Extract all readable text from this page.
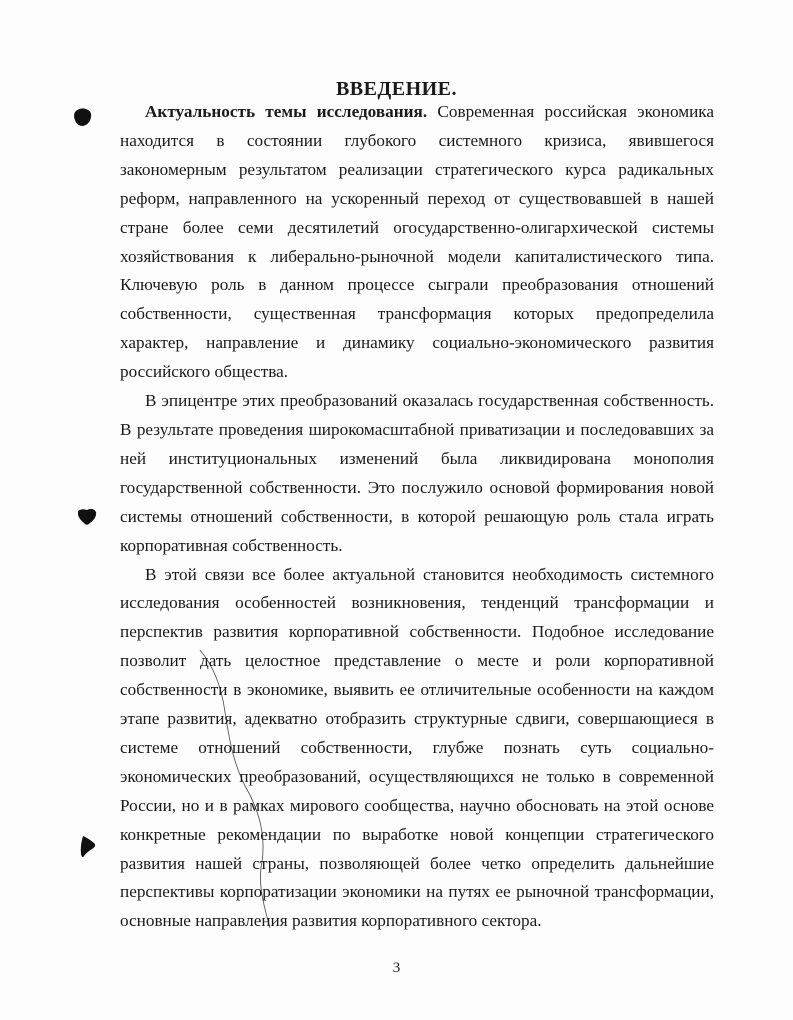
ВВЕДЕНИЕ.

Актуальность темы исследования. Современная российская экономика находится в состоянии глубокого системного кризиса, явившегося закономерным результатом реализации стратегического курса радикальных реформ, направленного на ускоренный переход от существовавшей в нашей стране более семи десятилетий огосударственно-олигархической системы хозяйствования к либерально-рыночной модели капиталистического типа. Ключевую роль в данном процессе сыграли преобразования отношений собственности, существенная трансформация которых предопределила характер, направление и динамику социально-экономического развития российского общества.

В эпицентре этих преобразований оказалась государственная собственность. В результате проведения широкомасштабной приватизации и последовавших за ней институциональных изменений была ликвидирована монополия государственной собственности. Это послужило основой формирования новой системы отношений собственности, в которой решающую роль стала играть корпоративная собственность.

В этой связи все более актуальной становится необходимость системного исследования особенностей возникновения, тенденций трансформации и перспектив развития корпоративной собственности. Подобное исследование позволит дать целостное представление о месте и роли корпоративной собственности в экономике, выявить ее отличительные особенности на каждом этапе развития, адекватно отобразить структурные сдвиги, совершающиеся в системе отношений собственности, глубже познать суть социально-экономических преобразований, осуществляющихся не только в современной России, но и в рамках мирового сообщества, научно обосновать на этой основе конкретные рекомендации по выработке новой концепции стратегического развития нашей страны, позволяющей более четко определить дальнейшие перспективы корпоратизации экономики на путях ее рыночной трансформации, основные направления развития корпоративного сектора.

3
